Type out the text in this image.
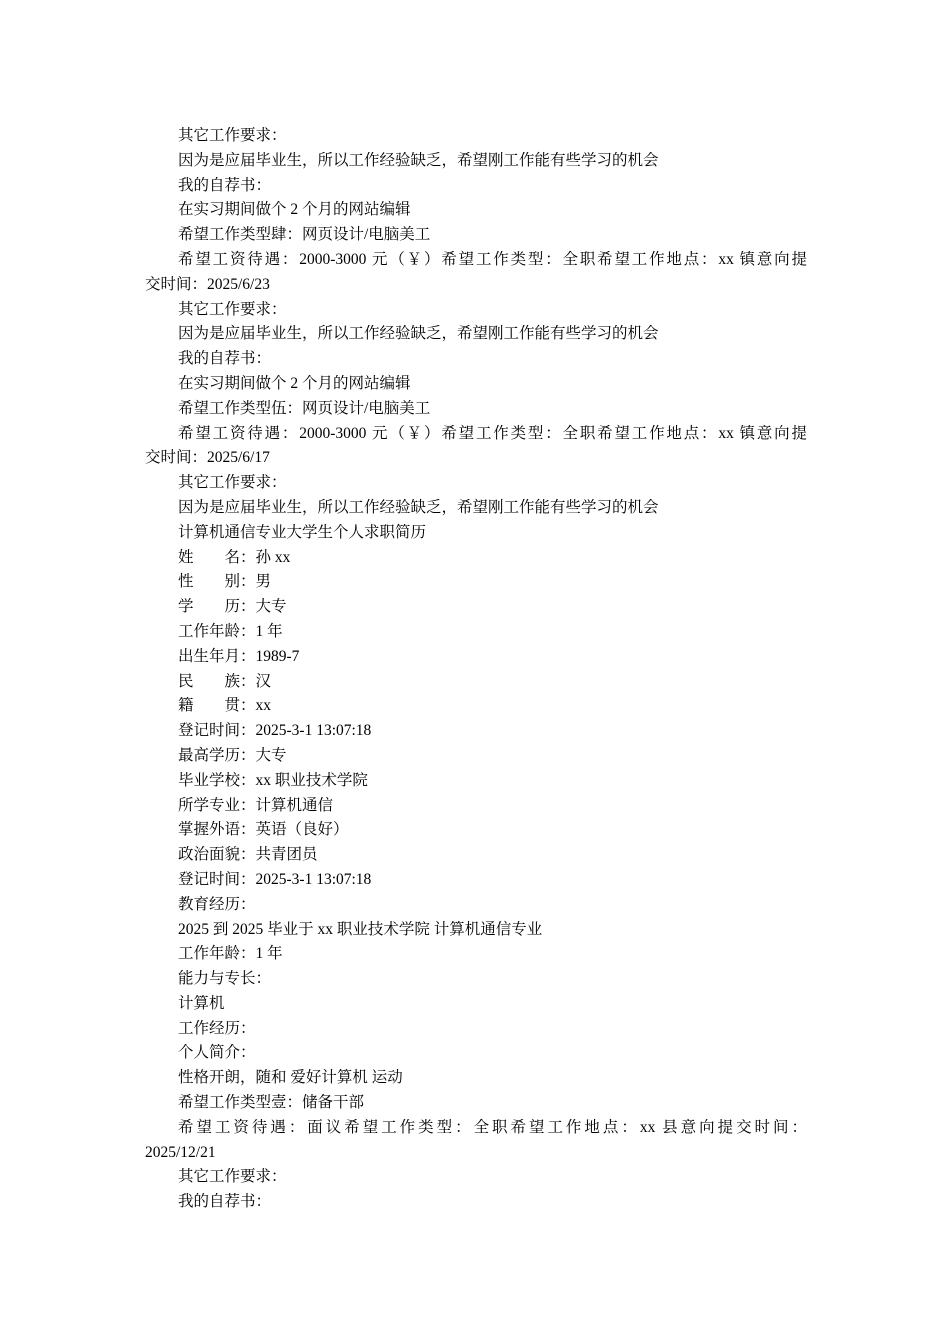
其它工作要求：
因为是应届毕业生，所以工作经验缺乏，希望刚工作能有些学习的机会
我的自荐书：
在实习期间做个 2 个月的网站编辑
希望工作类型肆：网页设计/电脑美工
希望工资待遇：2000-3000 元（￥）希望工作类型：全职希望工作地点：xx 镇意向提
交时间：2025/6/23
其它工作要求：
因为是应届毕业生，所以工作经验缺乏，希望刚工作能有些学习的机会
我的自荐书：
在实习期间做个 2 个月的网站编辑
希望工作类型伍：网页设计/电脑美工
希望工资待遇：2000-3000 元（￥）希望工作类型：全职希望工作地点：xx 镇意向提
交时间：2025/6/17
其它工作要求：
因为是应届毕业生，所以工作经验缺乏，希望刚工作能有些学习的机会
计算机通信专业大学生个人求职简历
姓　　名：孙 xx
性　　别：男
学　　历：大专
工作年龄：1 年
出生年月：1989-7
民　　族：汉
籍　　贯：xx
登记时间：2025-3-1 13:07:18
最高学历：大专
毕业学校：xx 职业技术学院
所学专业：计算机通信
掌握外语：英语（良好）
政治面貌：共青团员
登记时间：2025-3-1 13:07:18
教育经历：
2025 到 2025 毕业于 xx 职业技术学院 计算机通信专业
工作年龄：1 年
能力与专长：
计算机
工作经历：
个人简介：
性格开朗，随和 爱好计算机 运动
希望工作类型壹：储备干部
希望工资待遇：面议希望工作类型：全职希望工作地点：xx 县意向提交时间：
2025/12/21
其它工作要求：
我的自荐书：
